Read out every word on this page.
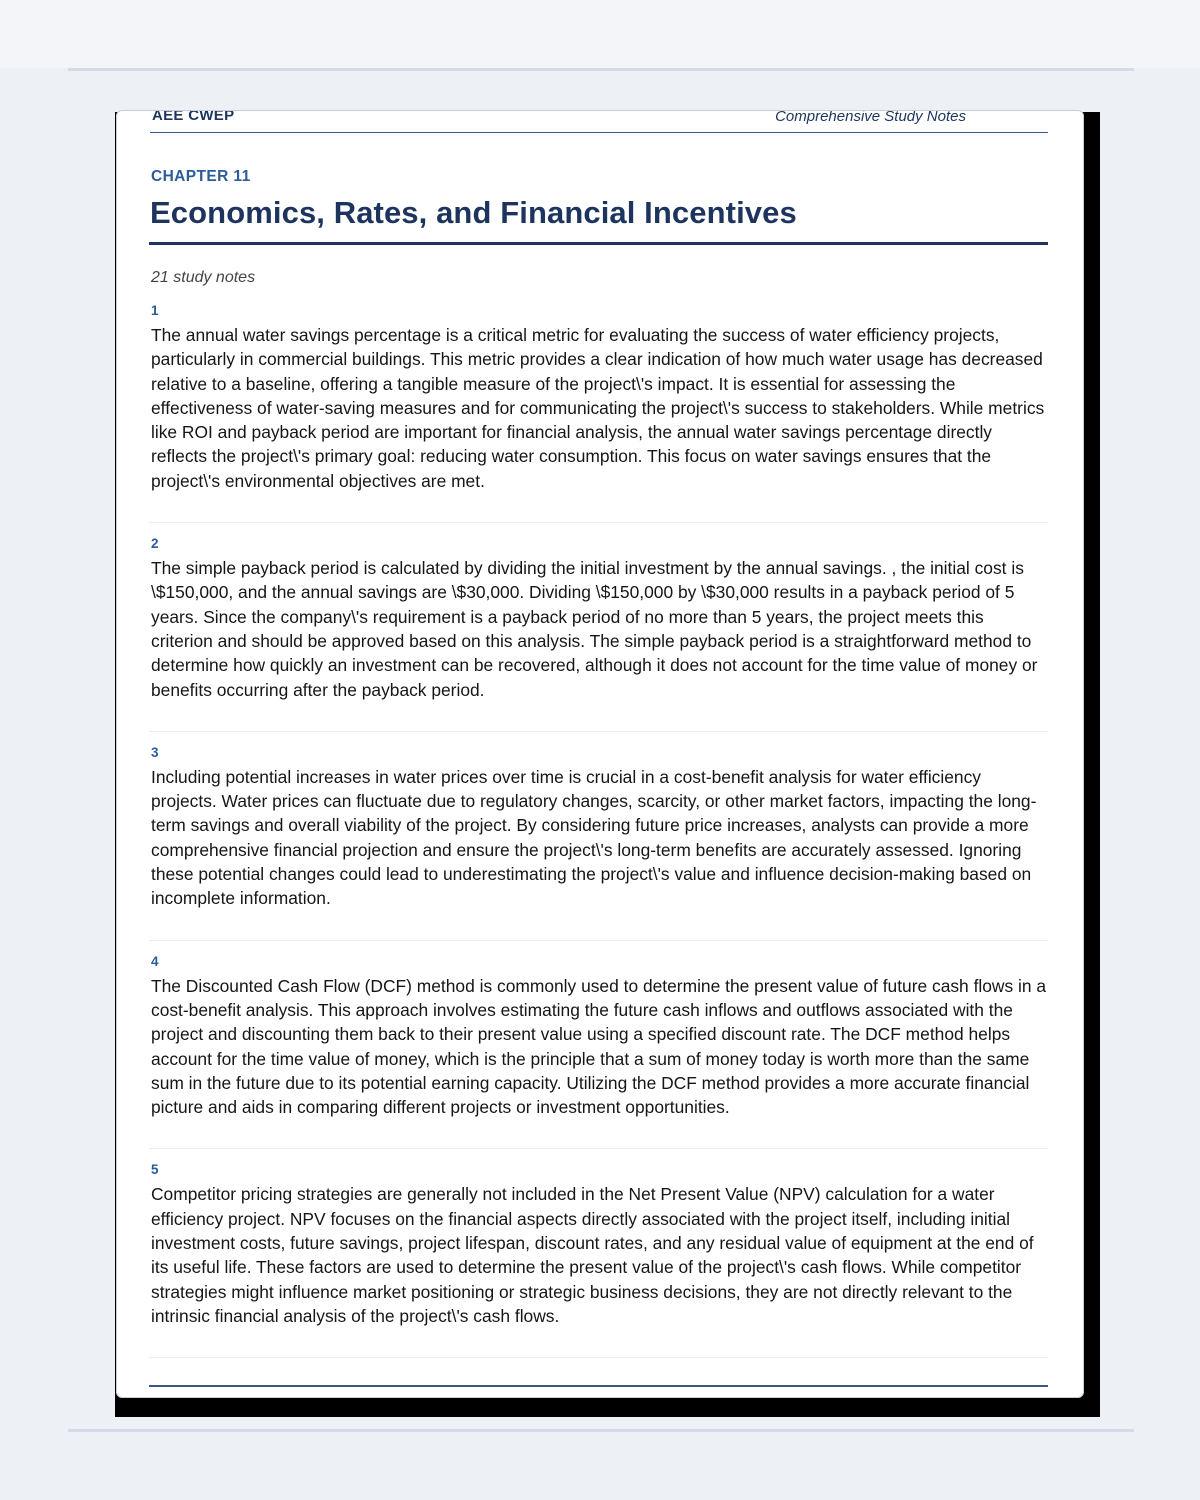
AEE CWEP	Comprehensive Study Notes
CHAPTER 11
Economics, Rates, and Financial Incentives
21 study notes
1

The annual water savings percentage is a critical metric for evaluating the success of water efficiency projects, particularly in commercial buildings. This metric provides a clear indication of how much water usage has decreased relative to a baseline, offering a tangible measure of the project\'s impact. It is essential for assessing the effectiveness of water-saving measures and for communicating the project\'s success to stakeholders. While metrics like ROI and payback period are important for financial analysis, the annual water savings percentage directly reflects the project\'s primary goal: reducing water consumption. This focus on water savings ensures that the project\'s environmental objectives are met.

2

The simple payback period is calculated by dividing the initial investment by the annual savings. , the initial cost is \$150,000, and the annual savings are \$30,000. Dividing \$150,000 by \$30,000 results in a payback period of 5 years. Since the company\'s requirement is a payback period of no more than 5 years, the project meets this criterion and should be approved based on this analysis. The simple payback period is a straightforward method to determine how quickly an investment can be recovered, although it does not account for the time value of money or benefits occurring after the payback period.

3

Including potential increases in water prices over time is crucial in a cost-benefit analysis for water efficiency projects. Water prices can fluctuate due to regulatory changes, scarcity, or other market factors, impacting the long-term savings and overall viability of the project. By considering future price increases, analysts can provide a more comprehensive financial projection and ensure the project\'s long-term benefits are accurately assessed. Ignoring these potential changes could lead to underestimating the project\'s value and influence decision-making based on incomplete information.

4

The Discounted Cash Flow (DCF) method is commonly used to determine the present value of future cash flows in a cost-benefit analysis. This approach involves estimating the future cash inflows and outflows associated with the project and discounting them back to their present value using a specified discount rate. The DCF method helps account for the time value of money, which is the principle that a sum of money today is worth more than the same sum in the future due to its potential earning capacity. Utilizing the DCF method provides a more accurate financial picture and aids in comparing different projects or investment opportunities.

5

Competitor pricing strategies are generally not included in the Net Present Value (NPV) calculation for a water efficiency project. NPV focuses on the financial aspects directly associated with the project itself, including initial investment costs, future savings, project lifespan, discount rates, and any residual value of equipment at the end of its useful life. These factors are used to determine the present value of the project\'s cash flows. While competitor strategies might influence market positioning or strategic business decisions, they are not directly relevant to the intrinsic financial analysis of the project\'s cash flows.
